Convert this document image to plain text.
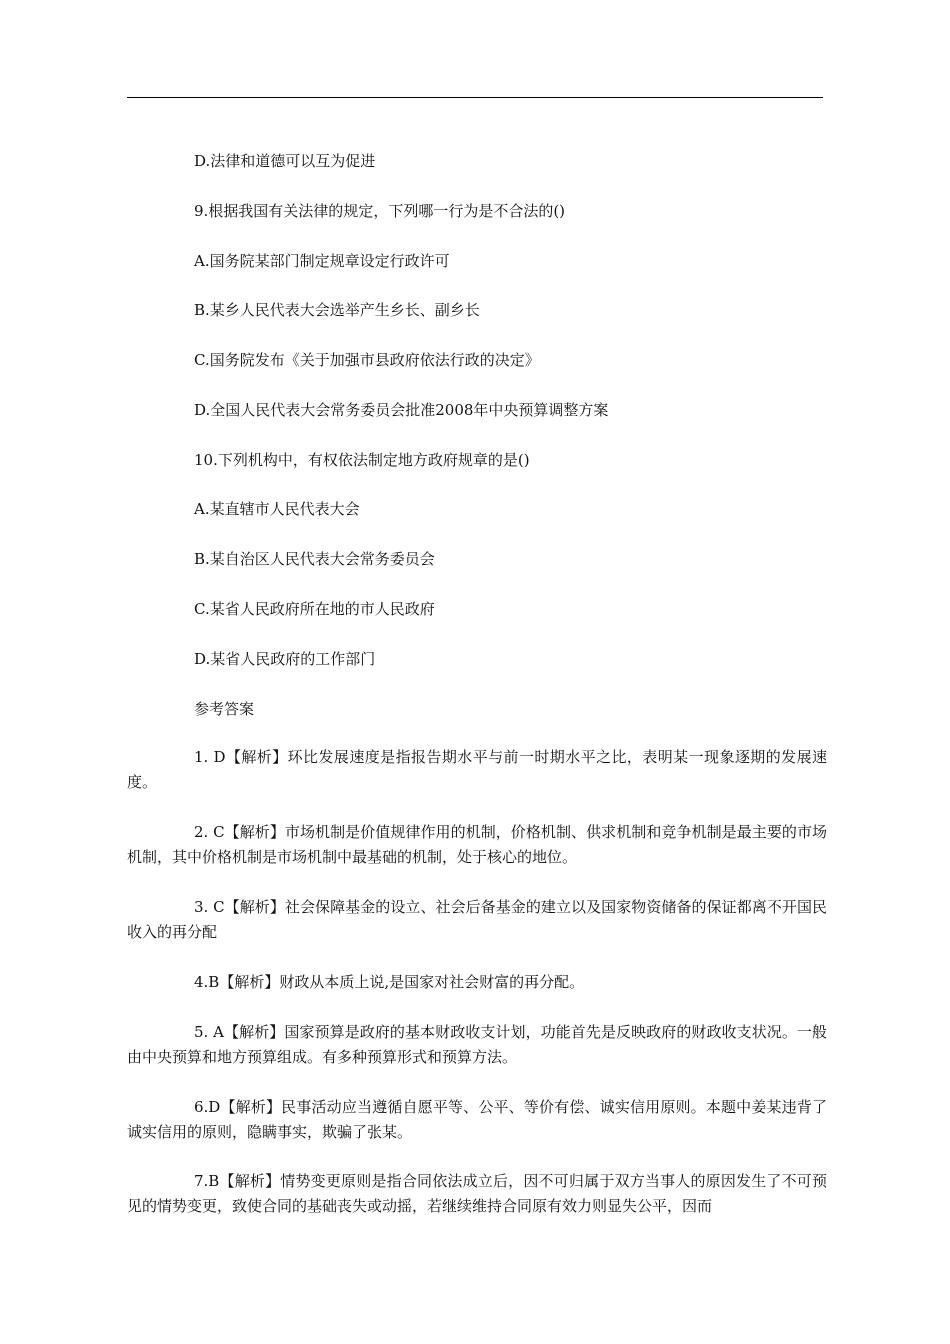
D.法律和道德可以互为促进
9.根据我国有关法律的规定，下列哪一行为是不合法的()
A.国务院某部门制定规章设定行政许可
B.某乡人民代表大会选举产生乡长、副乡长
C.国务院发布《关于加强市县政府依法行政的决定》
D.全国人民代表大会常务委员会批准2008年中央预算调整方案
10.下列机构中，有权依法制定地方政府规章的是()
A.某直辖市人民代表大会
B.某自治区人民代表大会常务委员会
C.某省人民政府所在地的市人民政府
D.某省人民政府的工作部门
参考答案
1. D【解析】环比发展速度是指报告期水平与前一时期水平之比，表明某一现象逐期的发展速度。
2. C【解析】市场机制是价值规律作用的机制，价格机制、供求机制和竞争机制是最主要的市场机制，其中价格机制是市场机制中最基础的机制，处于核心的地位。
3. C【解析】社会保障基金的设立、社会后备基金的建立以及国家物资储备的保证都离不开国民收入的再分配
4.B【解析】财政从本质上说,是国家对社会财富的再分配。
5. A【解析】国家预算是政府的基本财政收支计划，功能首先是反映政府的财政收支状况。一般由中央预算和地方预算组成。有多种预算形式和预算方法。
6.D【解析】民事活动应当遵循自愿平等、公平、等价有偿、诚实信用原则。本题中姜某违背了诚实信用的原则，隐瞒事实，欺骗了张某。
7.B【解析】情势变更原则是指合同依法成立后，因不可归属于双方当事人的原因发生了不可预见的情势变更，致使合同的基础丧失或动摇，若继续维持合同原有效力则显失公平，因而
